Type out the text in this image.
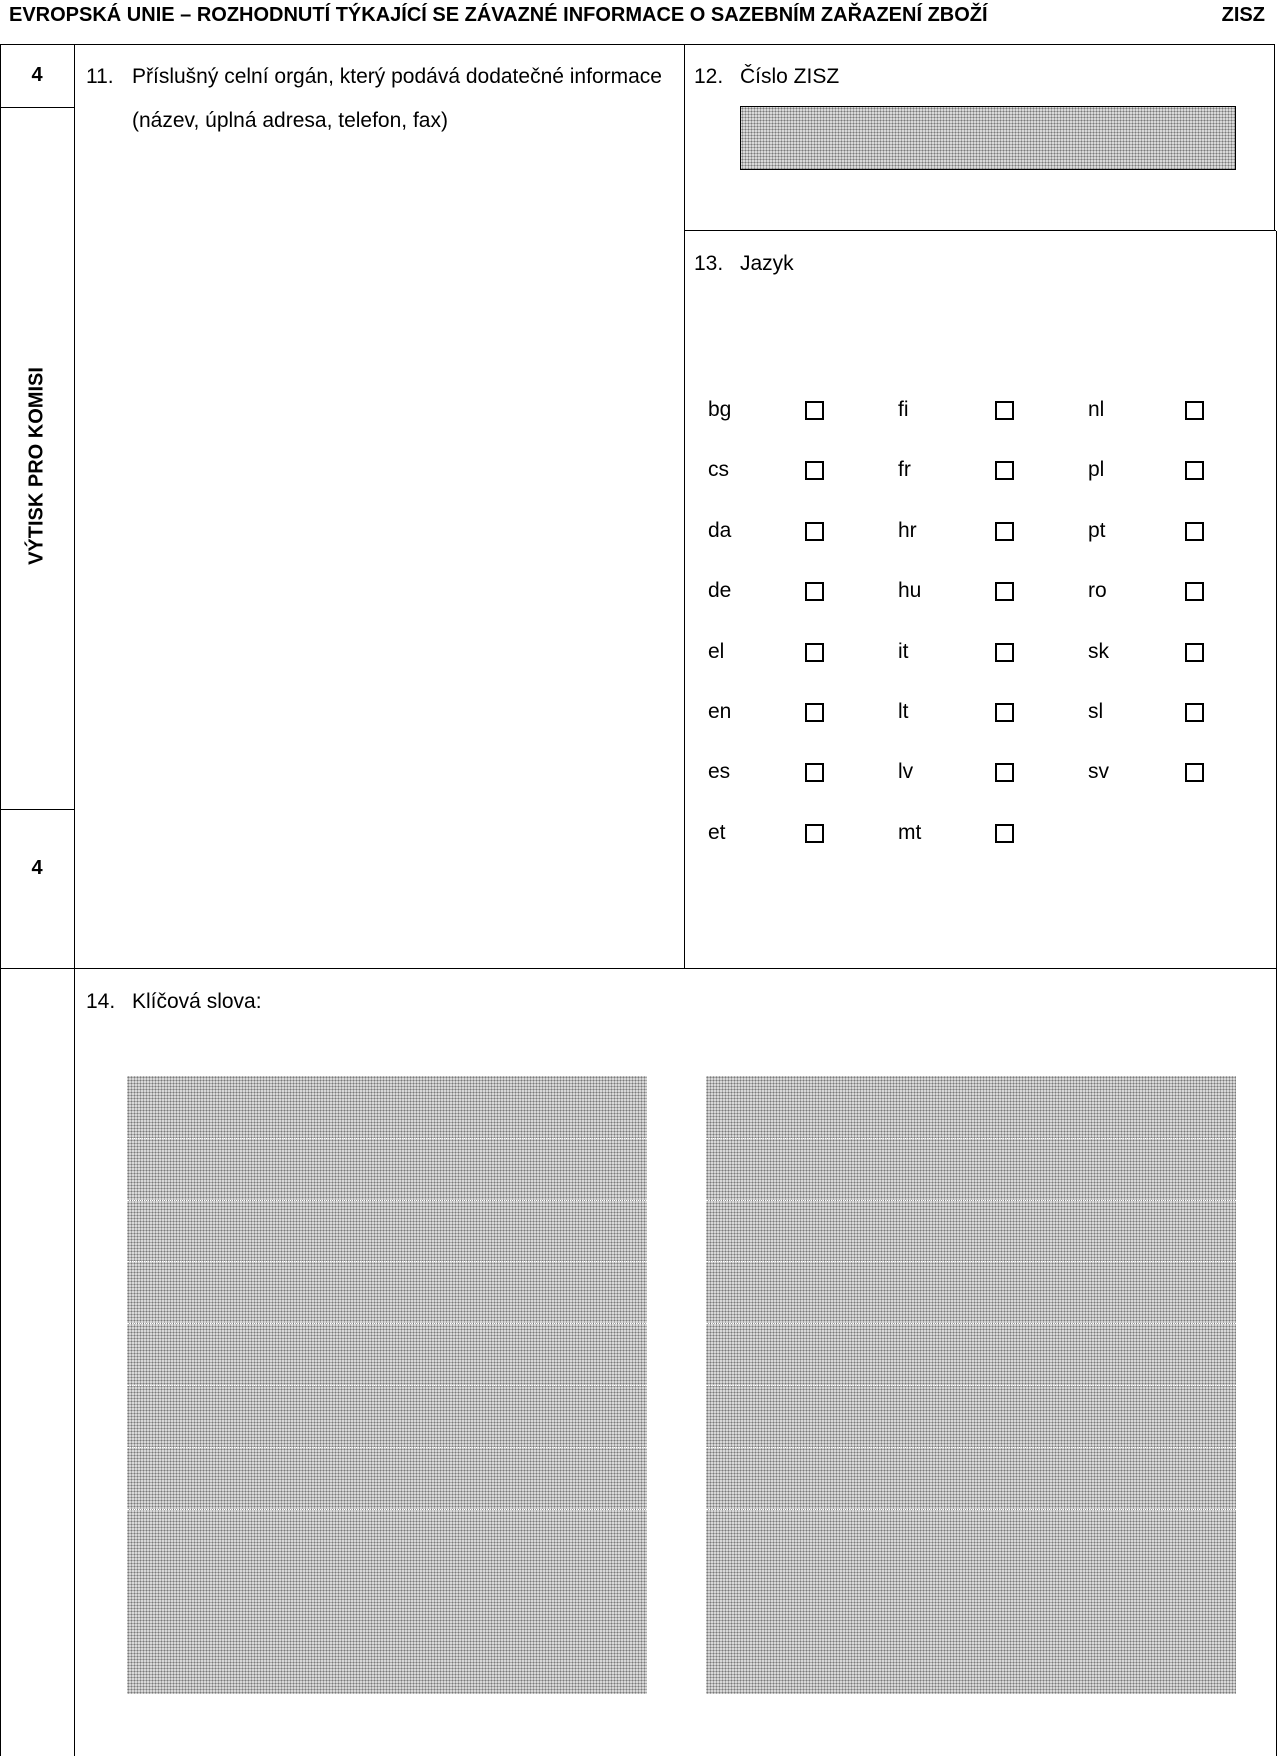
EVROPSKÁ UNIE – ROZHODNUTÍ TÝKAJÍCÍ SE ZÁVAZNÉ INFORMACE O SAZEBNÍM ZAŘAZENÍ ZBOŽÍ	ZISZ
4
VÝTISK PRO KOMISI
4
11. Příslušný celní orgán, který podává dodatečné informace
(název, úplná adresa, telefon, fax)
12. Číslo ZISZ
13. Jazyk
bg	fi	nl
cs	fr	pl
da	hr	pt
de	hu	ro
el	it	sk
en	lt	sl
es	lv	sv
et	mt
14. Klíčová slova:
